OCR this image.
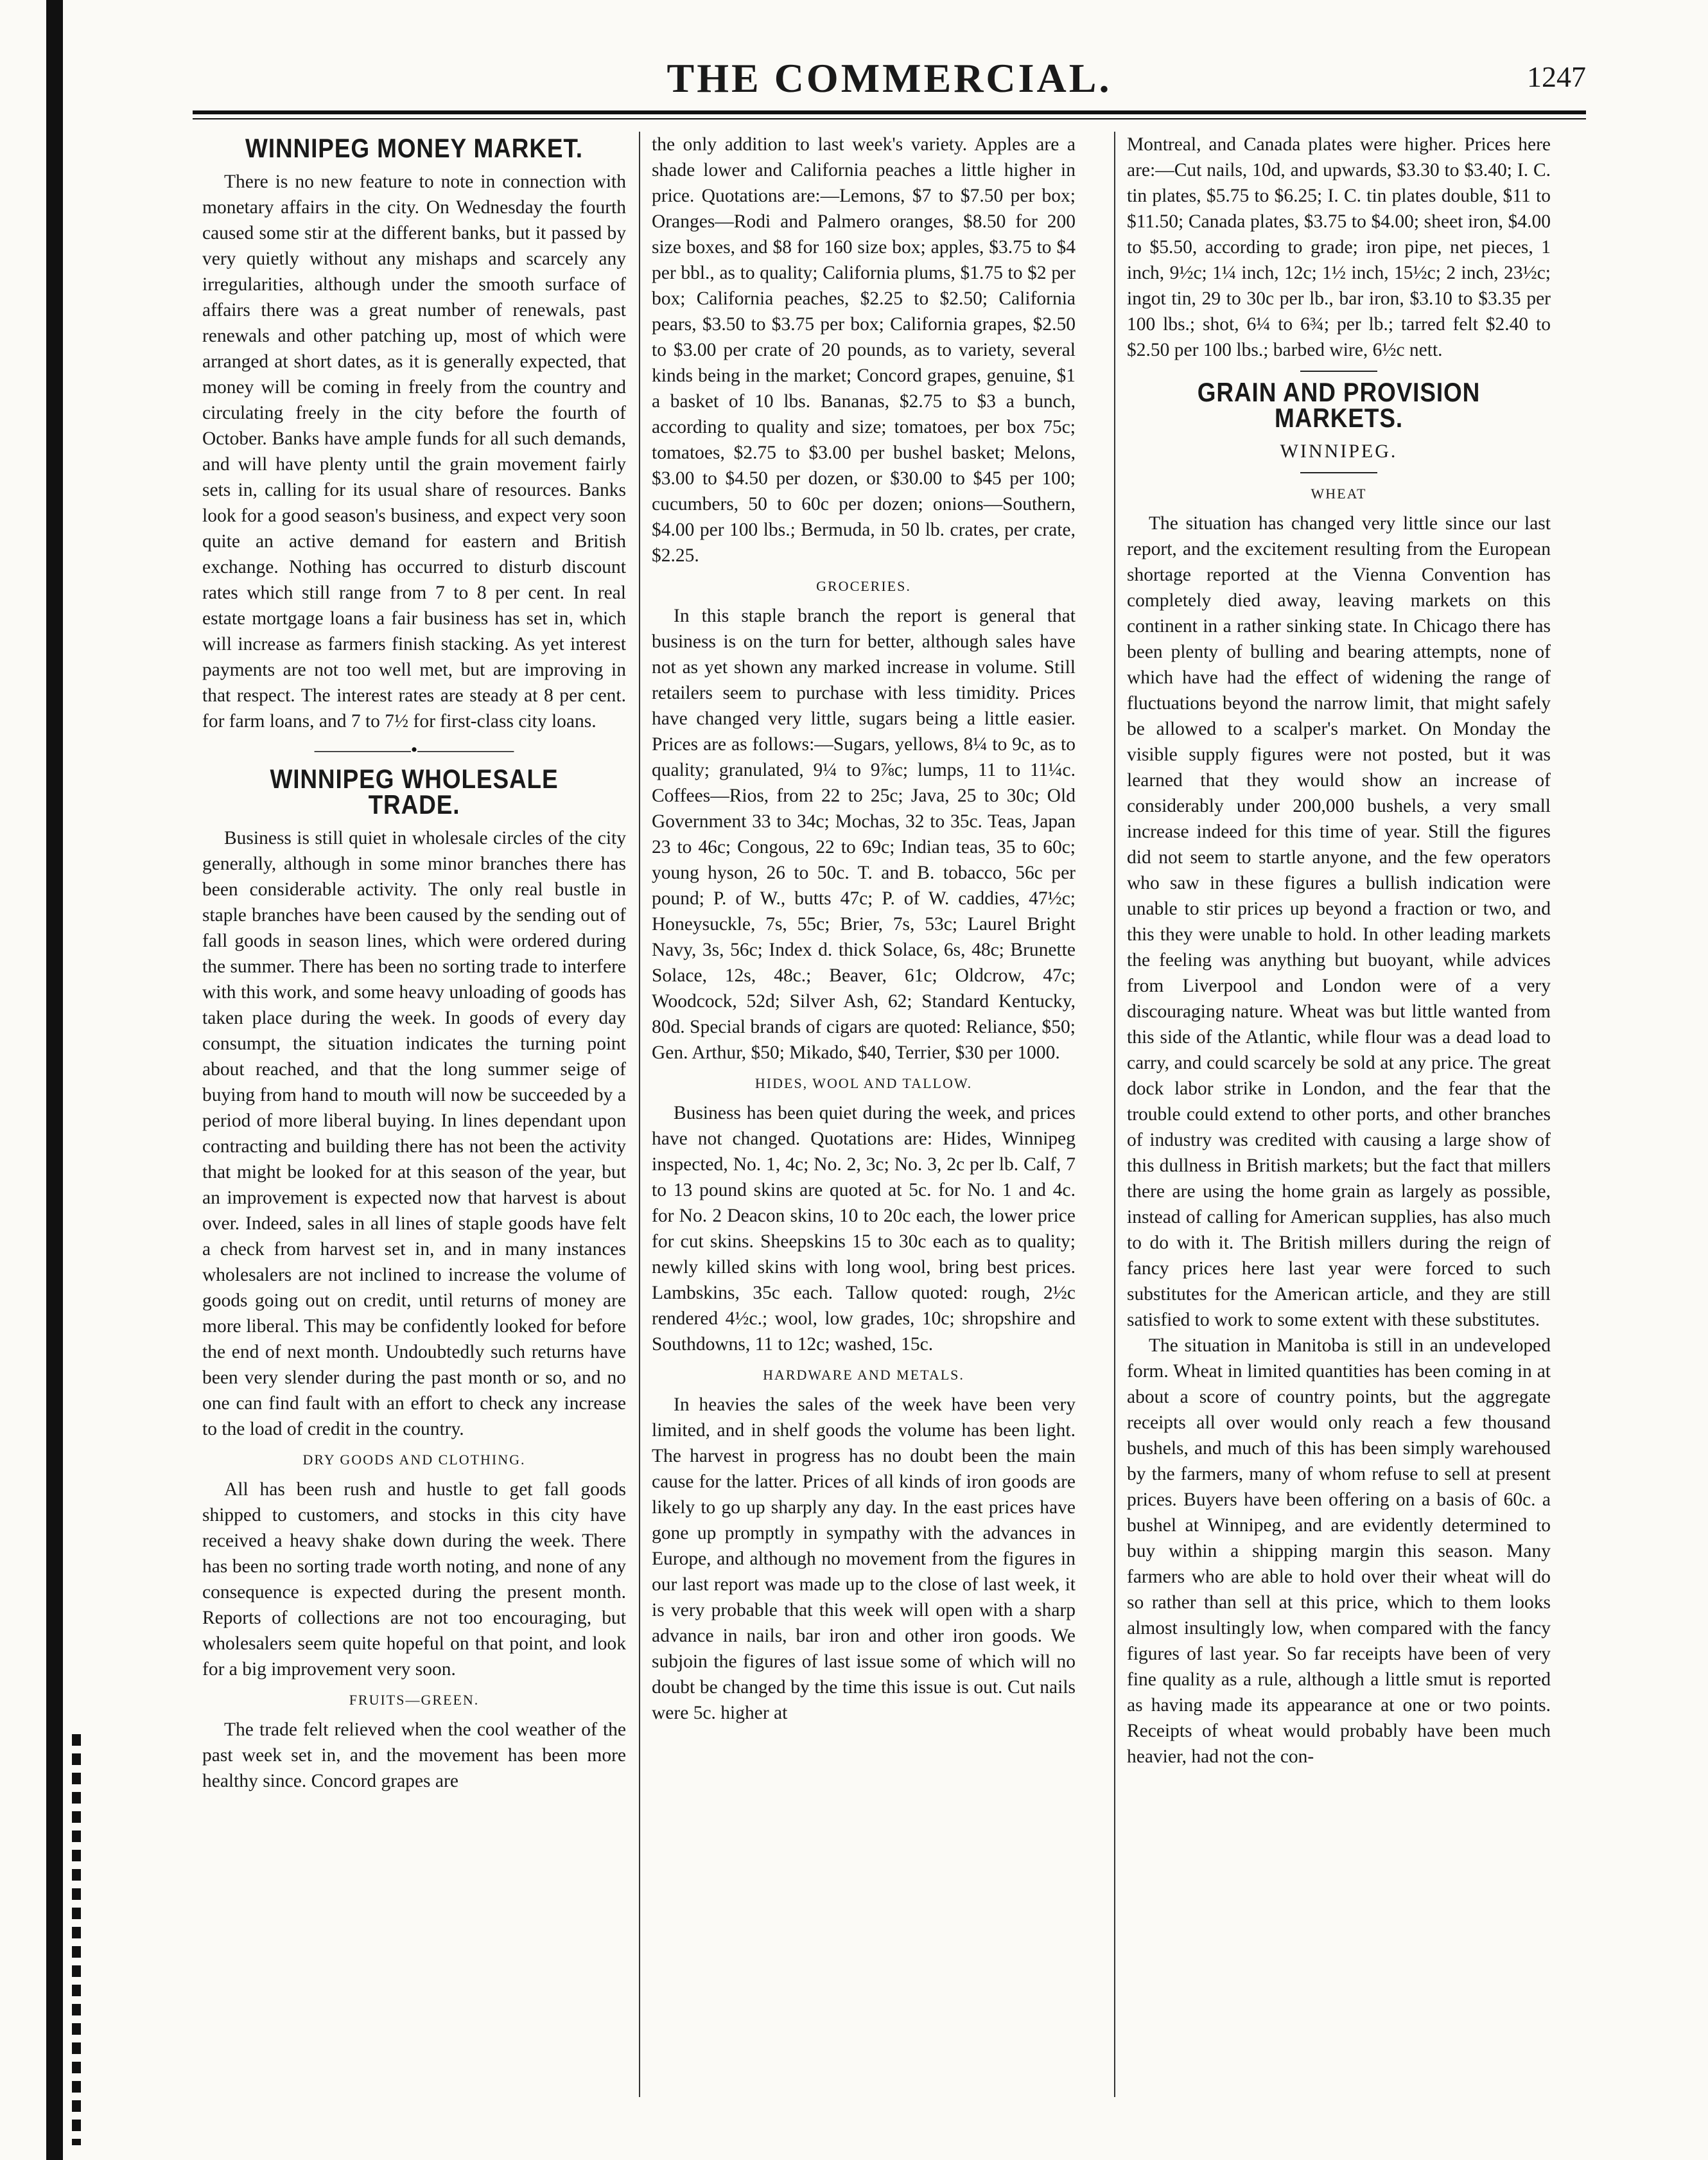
THE COMMERCIAL.	1247
WINNIPEG MONEY MARKET.

There is no new feature to note in connection with monetary affairs in the city. On Wednesday the fourth caused some stir at the different banks, but it passed by very quietly without any mishaps and scarcely any irregularities, although under the smooth surface of affairs there was a great number of renewals, past renewals and other patching up, most of which were arranged at short dates, as it is generally expected, that money will be coming in freely from the country and circulating freely in the city before the fourth of October. Banks have ample funds for all such demands, and will have plenty until the grain movement fairly sets in, calling for its usual share of resources. Banks look for a good season's business, and expect very soon quite an active demand for eastern and British exchange. Nothing has occurred to disturb discount rates which still range from 7 to 8 per cent. In real estate mortgage loans a fair business has set in, which will increase as farmers finish stacking. As yet interest payments are not too well met, but are improving in that respect. The interest rates are steady at 8 per cent. for farm loans, and 7 to 7½ for first-class city loans.

—————•—————
WINNIPEG WHOLESALE TRADE.

Business is still quiet in wholesale circles of the city generally, although in some minor branches there has been considerable activity. The only real bustle in staple branches have been caused by the sending out of fall goods in season lines, which were ordered during the summer. There has been no sorting trade to interfere with this work, and some heavy unloading of goods has taken place during the week. In goods of every day consumpt, the situation indicates the turning point about reached, and that the long summer seige of buying from hand to mouth will now be succeeded by a period of more liberal buying. In lines dependant upon contracting and building there has not been the activity that might be looked for at this season of the year, but an improvement is expected now that harvest is about over. Indeed, sales in all lines of staple goods have felt a check from harvest set in, and in many instances wholesalers are not inclined to increase the volume of goods going out on credit, until returns of money are more liberal. This may be confidently looked for before the end of next month. Undoubtedly such returns have been very slender during the past month or so, and no one can find fault with an effort to check any increase to the load of credit in the country.

DRY GOODS AND CLOTHING.

All has been rush and hustle to get fall goods shipped to customers, and stocks in this city have received a heavy shake down during the week. There has been no sorting trade worth noting, and none of any consequence is expected during the present month. Reports of collections are not too encouraging, but wholesalers seem quite hopeful on that point, and look for a big improvement very soon.

FRUITS—GREEN.

The trade felt relieved when the cool weather of the past week set in, and the movement has been more healthy since. Concord grapes are

the only addition to last week's variety. Apples are a shade lower and California peaches a little higher in price. Quotations are:—Lemons, $7 to $7.50 per box; Oranges—Rodi and Palmero oranges, $8.50 for 200 size boxes, and $8 for 160 size box; apples, $3.75 to $4 per bbl., as to quality; California plums, $1.75 to $2 per box; California peaches, $2.25 to $2.50; California pears, $3.50 to $3.75 per box; California grapes, $2.50 to $3.00 per crate of 20 pounds, as to variety, several kinds being in the market; Concord grapes, genuine, $1 a basket of 10 lbs. Bananas, $2.75 to $3 a bunch, according to quality and size; tomatoes, per box 75c; tomatoes, $2.75 to $3.00 per bushel basket; Melons, $3.00 to $4.50 per dozen, or $30.00 to $45 per 100; cucumbers, 50 to 60c per dozen; onions—Southern, $4.00 per 100 lbs.; Bermuda, in 50 lb. crates, per crate, $2.25.

GROCERIES.

In this staple branch the report is general that business is on the turn for better, although sales have not as yet shown any marked increase in volume. Still retailers seem to purchase with less timidity. Prices have changed very little, sugars being a little easier. Prices are as follows:—Sugars, yellows, 8¼ to 9c, as to quality; granulated, 9¼ to 9⅞c; lumps, 11 to 11¼c. Coffees—Rios, from 22 to 25c; Java, 25 to 30c; Old Government 33 to 34c; Mochas, 32 to 35c. Teas, Japan 23 to 46c; Congous, 22 to 69c; Indian teas, 35 to 60c; young hyson, 26 to 50c. T. and B. tobacco, 56c per pound; P. of W., butts 47c; P. of W. caddies, 47½c; Honeysuckle, 7s, 55c; Brier, 7s, 53c; Laurel Bright Navy, 3s, 56c; Index d. thick Solace, 6s, 48c; Brunette Solace, 12s, 48c.; Beaver, 61c; Oldcrow, 47c; Woodcock, 52d; Silver Ash, 62; Standard Kentucky, 80d. Special brands of cigars are quoted: Reliance, $50; Gen. Arthur, $50; Mikado, $40, Terrier, $30 per 1000.

HIDES, WOOL AND TALLOW.

Business has been quiet during the week, and prices have not changed. Quotations are: Hides, Winnipeg inspected, No. 1, 4c; No. 2, 3c; No. 3, 2c per lb. Calf, 7 to 13 pound skins are quoted at 5c. for No. 1 and 4c. for No. 2 Deacon skins, 10 to 20c each, the lower price for cut skins. Sheepskins 15 to 30c each as to quality; newly killed skins with long wool, bring best prices. Lambskins, 35c each. Tallow quoted: rough, 2½c rendered 4½c.; wool, low grades, 10c; shropshire and Southdowns, 11 to 12c; washed, 15c.

HARDWARE AND METALS.

In heavies the sales of the week have been very limited, and in shelf goods the volume has been light. The harvest in progress has no doubt been the main cause for the latter. Prices of all kinds of iron goods are likely to go up sharply any day. In the east prices have gone up promptly in sympathy with the advances in Europe, and although no movement from the figures in our last report was made up to the close of last week, it is very probable that this week will open with a sharp advance in nails, bar iron and other iron goods. We subjoin the figures of last issue some of which will no doubt be changed by the time this issue is out. Cut nails were 5c. higher at

Montreal, and Canada plates were higher. Prices here are:—Cut nails, 10d, and upwards, $3.30 to $3.40; I. C. tin plates, $5.75 to $6.25; I. C. tin plates double, $11 to $11.50; Canada plates, $3.75 to $4.00; sheet iron, $4.00 to $5.50, according to grade; iron pipe, net pieces, 1 inch, 9½c; 1¼ inch, 12c; 1½ inch, 15½c; 2 inch, 23½c; ingot tin, 29 to 30c per lb., bar iron, $3.10 to $3.35 per 100 lbs.; shot, 6¼ to 6¾; per lb.; tarred felt $2.40 to $2.50 per 100 lbs.; barbed wire, 6½c nett.

GRAIN AND PROVISION MARKETS.
WINNIPEG.
WHEAT

The situation has changed very little since our last report, and the excitement resulting from the European shortage reported at the Vienna Convention has completely died away, leaving markets on this continent in a rather sinking state. In Chicago there has been plenty of bulling and bearing attempts, none of which have had the effect of widening the range of fluctuations beyond the narrow limit, that might safely be allowed to a scalper's market. On Monday the visible supply figures were not posted, but it was learned that they would show an increase of considerably under 200,000 bushels, a very small increase indeed for this time of year. Still the figures did not seem to startle anyone, and the few operators who saw in these figures a bullish indication were unable to stir prices up beyond a fraction or two, and this they were unable to hold. In other leading markets the feeling was anything but buoyant, while advices from Liverpool and London were of a very discouraging nature. Wheat was but little wanted from this side of the Atlantic, while flour was a dead load to carry, and could scarcely be sold at any price. The great dock labor strike in London, and the fear that the trouble could extend to other ports, and other branches of industry was credited with causing a large show of this dullness in British markets; but the fact that millers there are using the home grain as largely as possible, instead of calling for American supplies, has also much to do with it. The British millers during the reign of fancy prices here last year were forced to such substitutes for the American article, and they are still satisfied to work to some extent with these substitutes.

The situation in Manitoba is still in an undeveloped form. Wheat in limited quantities has been coming in at about a score of country points, but the aggregate receipts all over would only reach a few thousand bushels, and much of this has been simply warehoused by the farmers, many of whom refuse to sell at present prices. Buyers have been offering on a basis of 60c. a bushel at Winnipeg, and are evidently determined to buy within a shipping margin this season. Many farmers who are able to hold over their wheat will do so rather than sell at this price, which to them looks almost insultingly low, when compared with the fancy figures of last year. So far receipts have been of very fine quality as a rule, although a little smut is reported as having made its appearance at one or two points. Receipts of wheat would probably have been much heavier, had not the con-
